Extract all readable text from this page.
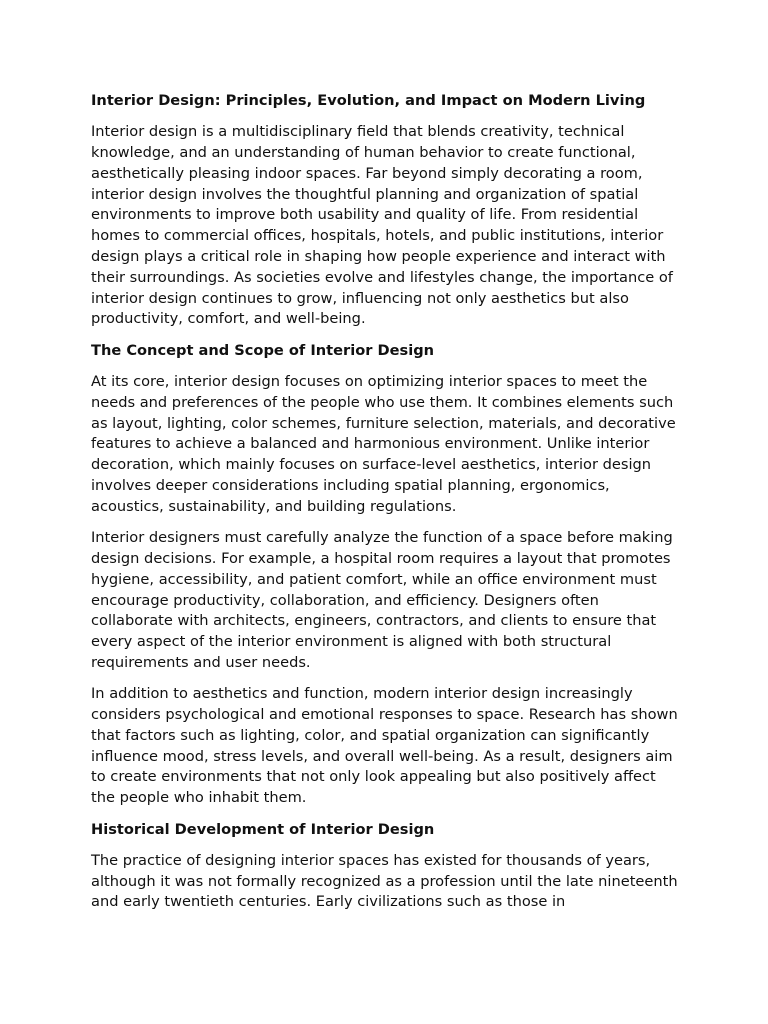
Interior Design: Principles, Evolution, and Impact on Modern Living

Interior design is a multidisciplinary field that blends creativity, technical knowledge, and an understanding of human behavior to create functional, aesthetically pleasing indoor spaces. Far beyond simply decorating a room, interior design involves the thoughtful planning and organization of spatial environments to improve both usability and quality of life. From residential homes to commercial offices, hospitals, hotels, and public institutions, interior design plays a critical role in shaping how people experience and interact with their surroundings. As societies evolve and lifestyles change, the importance of interior design continues to grow, influencing not only aesthetics but also productivity, comfort, and well-being.

The Concept and Scope of Interior Design

At its core, interior design focuses on optimizing interior spaces to meet the needs and preferences of the people who use them. It combines elements such as layout, lighting, color schemes, furniture selection, materials, and decorative features to achieve a balanced and harmonious environment. Unlike interior decoration, which mainly focuses on surface-level aesthetics, interior design involves deeper considerations including spatial planning, ergonomics, acoustics, sustainability, and building regulations.

Interior designers must carefully analyze the function of a space before making design decisions. For example, a hospital room requires a layout that promotes hygiene, accessibility, and patient comfort, while an office environment must encourage productivity, collaboration, and efficiency. Designers often collaborate with architects, engineers, contractors, and clients to ensure that every aspect of the interior environment is aligned with both structural requirements and user needs.

In addition to aesthetics and function, modern interior design increasingly considers psychological and emotional responses to space. Research has shown that factors such as lighting, color, and spatial organization can significantly influence mood, stress levels, and overall well-being. As a result, designers aim to create environments that not only look appealing but also positively affect the people who inhabit them.

Historical Development of Interior Design

The practice of designing interior spaces has existed for thousands of years, although it was not formally recognized as a profession until the late nineteenth and early twentieth centuries. Early civilizations such as those in
